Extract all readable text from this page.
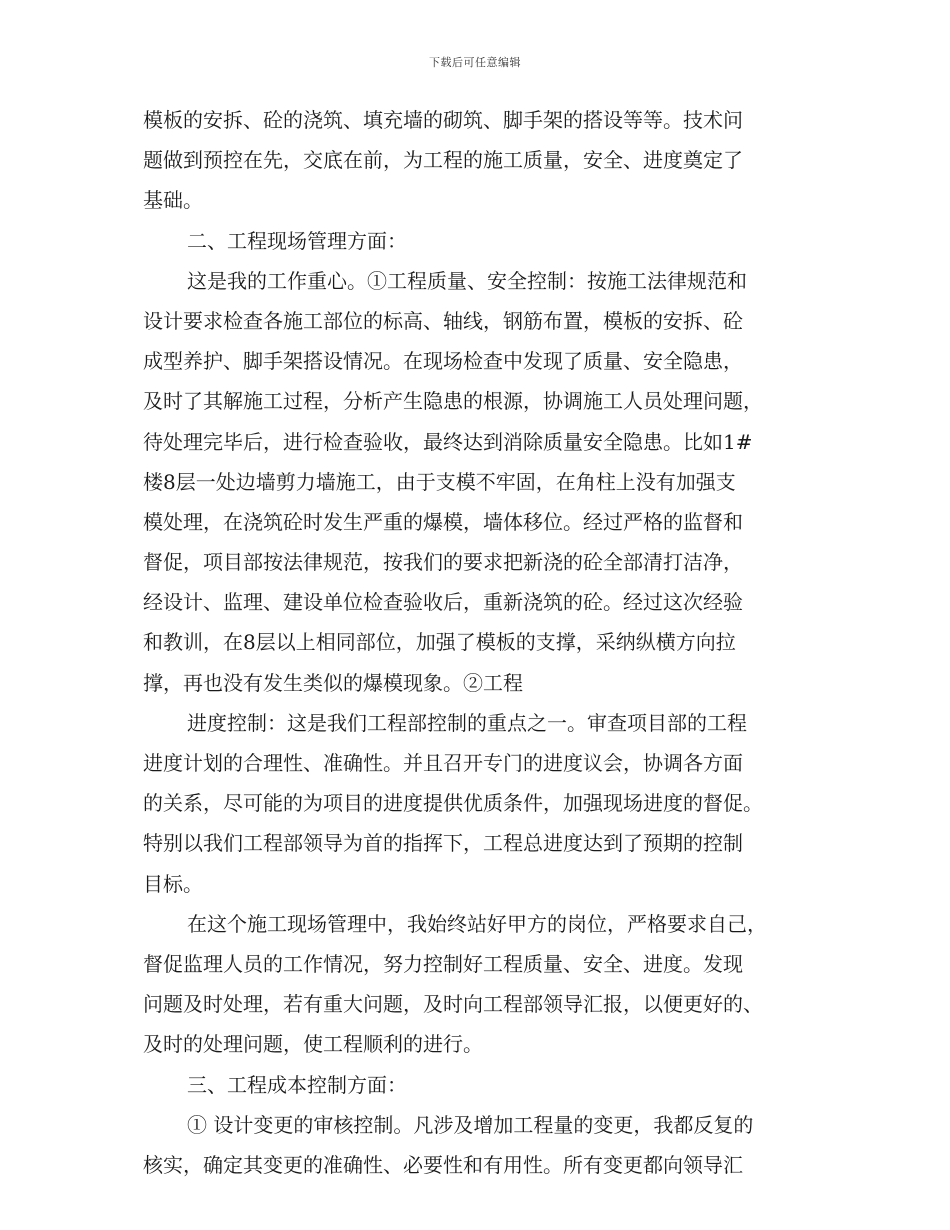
下载后可任意编辑
模板的安拆、砼的浇筑、填充墙的砌筑、脚手架的搭设等等。技术问
题做到预控在先，交底在前，为工程的施工质量，安全、进度奠定了
基础。
二、工程现场管理方面：
这是我的工作重心。①工程质量、安全控制：按施工法律规范和
设计要求检查各施工部位的标高、轴线，钢筋布置，模板的安拆、砼
成型养护、脚手架搭设情况。在现场检查中发现了质量、安全隐患，
及时了其解施工过程，分析产生隐患的根源，协调施工人员处理问题，
待处理完毕后，进行检查验收，最终达到消除质量安全隐患。比如1#
楼8层一处边墙剪力墙施工，由于支模不牢固，在角柱上没有加强支
模处理，在浇筑砼时发生严重的爆模，墙体移位。经过严格的监督和
督促，项目部按法律规范，按我们的要求把新浇的砼全部清打洁净，
经设计、监理、建设单位检查验收后，重新浇筑的砼。经过这次经验
和教训，在8层以上相同部位，加强了模板的支撑，采纳纵横方向拉
撑，再也没有发生类似的爆模现象。②工程
进度控制：这是我们工程部控制的重点之一。审查项目部的工程
进度计划的合理性、准确性。并且召开专门的进度议会，协调各方面
的关系，尽可能的为项目的进度提供优质条件，加强现场进度的督促。
特别以我们工程部领导为首的指挥下，工程总进度达到了预期的控制
目标。
在这个施工现场管理中，我始终站好甲方的岗位，严格要求自己，
督促监理人员的工作情况，努力控制好工程质量、安全、进度。发现
问题及时处理，若有重大问题，及时向工程部领导汇报，以便更好的、
及时的处理问题，使工程顺利的进行。
三、工程成本控制方面：
① 设计变更的审核控制。凡涉及增加工程量的变更，我都反复的
核实，确定其变更的准确性、必要性和有用性。所有变更都向领导汇
